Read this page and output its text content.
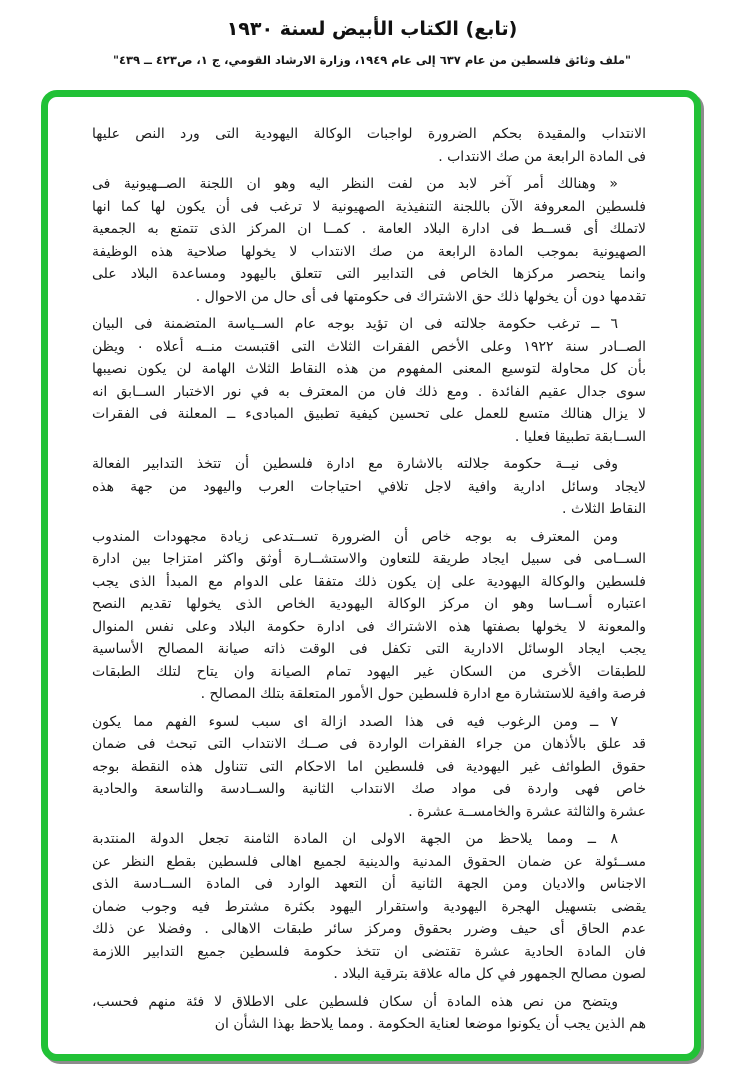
(تابع) الكتاب الأبيض لسنة ١٩٣٠
"ملف وثائق فلسطين من عام ٦٣٧ إلى عام ١٩٤٩، وزارة الارشاد القومي، ج ١، ص٤٢٣ ــ ٤٣٩"
الانتداب والمقيدة بحكم الضرورة لواجبات الوكالة اليهودية التى ورد النص عليها
فى المادة الرابعة من صك الانتداب .
« وهنالك أمر آخر لابد من لفت النظر اليه وهو ان اللجنة الصــهيونية فى
فلسطين المعروفة الآن باللجنة التنفيذية الصهيونية لا ترغب فى أن يكون لها كما انها
لاتملك أى قســط فى ادارة البلاد العامة . كمــا ان المركز الذى تتمتع به الجمعية
الصهيونية بموجب المادة الرابعة من صك الانتداب لا يخولها صلاحية هذه الوظيفة
وانما ينحصر مركزها الخاص فى التدابير التى تتعلق باليهود ومساعدة البلاد على
تقدمها دون أن يخولها ذلك حق الاشتراك فى حكومتها فى أى حال من الاحوال .
٦ ــ ترغب حكومة جلالته فى ان تؤيد بوجه عام الســياسة المتضمنة فى البيان
الصــادر سنة ١٩٢٢ وعلى الأخص الفقرات الثلاث التى اقتبست منــه أعلاه ٠ ويظن
بأن كل محاولة لتوسيع المعنى المفهوم من هذه النقاط الثلاث الهامة لن يكون نصيبها
سوى جدال عقيم الفائدة . ومع ذلك فان من المعترف به في نور الاختبار الســابق انه
لا يزال هنالك متسع للعمل على تحسين كيفية تطبيق المبادىء ــ المعلنة فى الفقرات
الســابقة تطبيقا فعليا .
وفى نيــة حكومة جلالته بالاشارة مع ادارة فلسطين أن تتخذ التدابير الفعالة
لايجاد وسائل ادارية وافية لاجل تلافي احتياجات العرب واليهود من جهة هذه
النقاط الثلاث .
ومن المعترف به بوجه خاص أن الضرورة تســتدعى زيادة مجهودات المندوب
الســامى فى سبيل ايجاد طريقة للتعاون والاستشــارة أوثق واكثر امتزاجا بين ادارة
فلسطين والوكالة اليهودية على إن يكون ذلك متفقا على الدوام مع المبدأ الذى يجب
اعتباره أســاسا وهو ان مركز الوكالة اليهودية الخاص الذى يخولها تقديم النصح
والمعونة لا يخولها بصفتها هذه الاشتراك فى ادارة حكومة البلاد وعلى نفس المنوال
يجب ايجاد الوسائل الادارية التى تكفل فى الوقت ذاته صيانة المصالح الأساسية
للطبقات الأخرى من السكان غير اليهود تمام الصيانة وان يتاح لتلك الطبقات
فرصة وافية للاستشارة مع ادارة فلسطين حول الأمور المتعلقة بتلك المصالح .
٧ ــ ومن الرغوب فيه فى هذا الصدد ازالة اى سبب لسوء الفهم مما يكون
قد علق بالأذهان من جراء الفقرات الواردة فى صــك الانتداب التى تبحث فى ضمان
حقوق الطوائف غير اليهودية فى فلسطين اما الاحكام التى تتناول هذه النقطة بوجه
خاص فهى واردة فى مواد صك الانتداب الثانية والســادسة والتاسعة والحادية
عشرة والثالثة عشرة والخامســة عشرة .
٨ ــ ومما يلاحظ من الجهة الاولى ان المادة الثامنة تجعل الدولة المنتدبة
مســئولة عن ضمان الحقوق المدنية والدينية لجميع اهالى فلسطين بقطع النظر عن
الاجناس والاديان ومن الجهة الثانية أن التعهد الوارد فى المادة الســادسة الذى
يقضى بتسهيل الهجرة اليهودية واستقرار اليهود بكثرة مشترط فيه وجوب ضمان
عدم الحاق أى حيف وضرر بحقوق ومركز سائر طبقات الاهالى . وفضلا عن ذلك
فان المادة الحادية عشرة تقتضى ان تتخذ حكومة فلسطين جميع التدابير اللازمة
لصون مصالح الجمهور في كل ماله علاقة بترقية البلاد .
ويتضح من نص هذه المادة أن سكان فلسطين على الاطلاق لا فئة منهم فحسب،
هم الذين يجب أن يكونوا موضعا لعناية الحكومة . ومما يلاحظ بهذا الشأن ان
